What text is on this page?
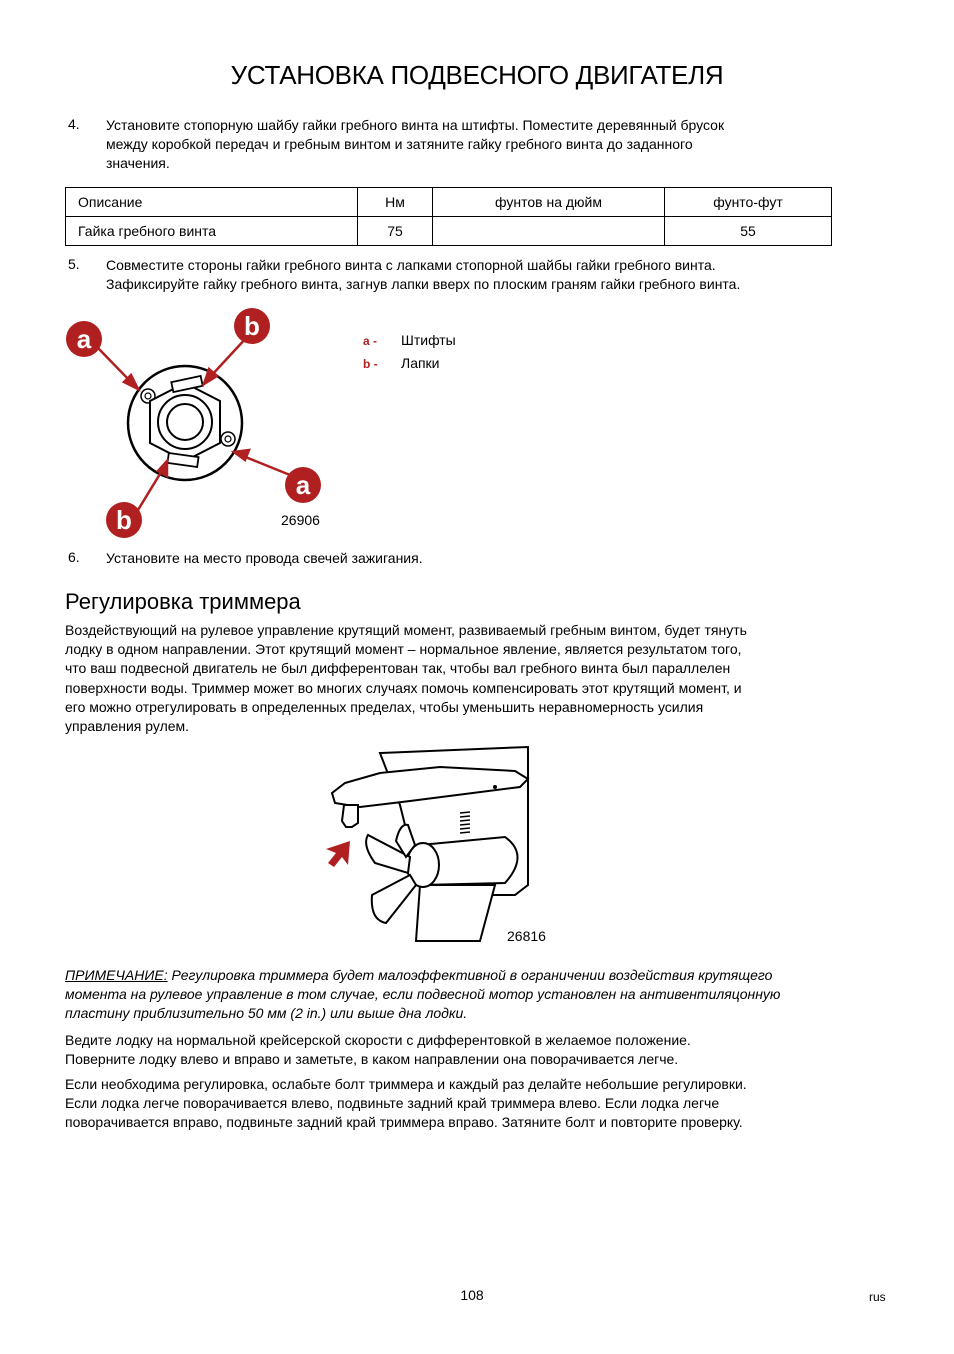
УСТАНОВКА ПОДВЕСНОГО ДВИГАТЕЛЯ
4. Установите стопорную шайбу гайки гребного винта на штифты. Поместите деревянный брусок
между коробкой передач и гребным винтом и затяните гайку гребного винта до заданного
значения.
Описание	Нм	фунтов на дюйм	фунто-фут
Гайка гребного винта	75		55
5. Совместите стороны гайки гребного винта с лапками стопорной шайбы гайки гребного винта.
Зафиксируйте гайку гребного винта, загнув лапки вверх по плоским граням гайки гребного винта.
a	b
a
b	26906
a - Штифты
b - Лапки
6. Установите на место провода свечей зажигания.
Регулировка триммера
Воздействующий на рулевое управление крутящий момент, развиваемый гребным винтом, будет тянуть
лодку в одном направлении. Этот крутящий момент – нормальное явление, является результатом того,
что ваш подвесной двигатель не был дифферентован так, чтобы вал гребного винта был параллелен
поверхности воды. Триммер может во многих случаях помочь компенсировать этот крутящий момент, и
его можно отрегулировать в определенных пределах, чтобы уменьшить неравномерность усилия
управления рулем.
26816
ПРИМЕЧАНИЕ: Регулировка триммера будет малоэффективной в ограничении воздействия крутящего
момента на рулевое управление в том случае, если подвесной мотор установлен на антивентиляцонную
пластину приблизительно 50 мм (2 in.) или выше дна лодки.
Ведите лодку на нормальной крейсерской скорости с дифферентовкой в желаемое положение.
Поверните лодку влево и вправо и заметьте, в каком направлении она поворачивается легче.
Если необходима регулировка, ослабьте болт триммера и каждый раз делайте небольшие регулировки.
Если лодка легче поворачивается влево, подвиньте задний край триммера влево. Если лодка легче
поворачивается вправо, подвиньте задний край триммера вправо. Затяните болт и повторите проверку.
108	rus
